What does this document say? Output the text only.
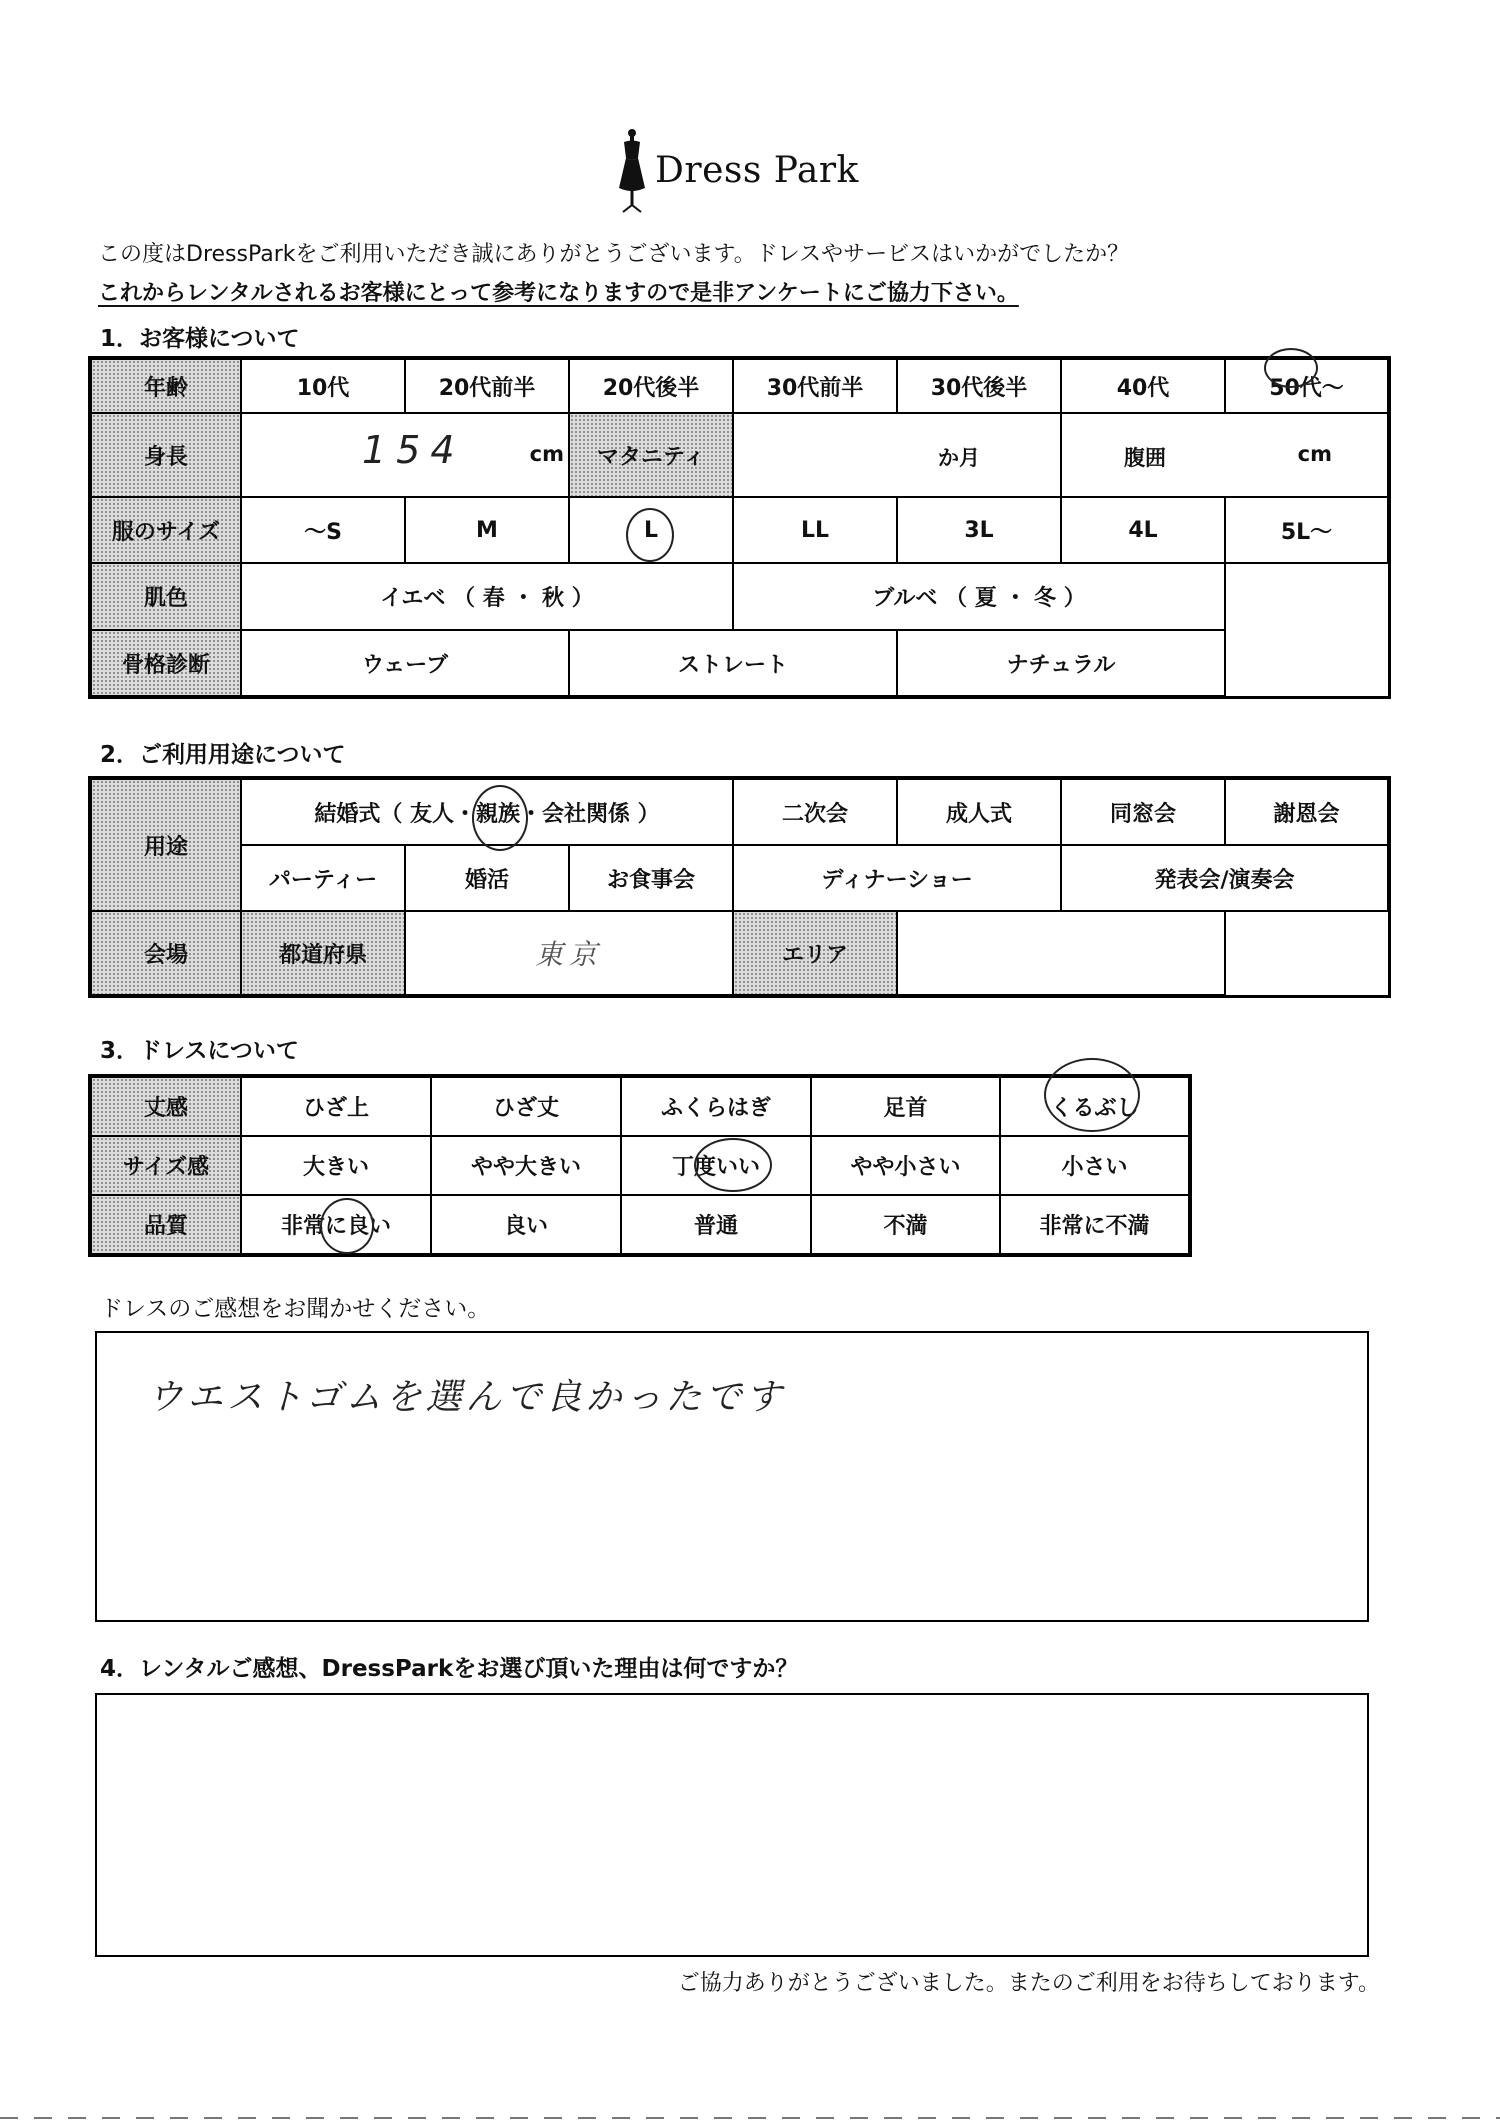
Dress Park
この度はDressParkをご利用いただき誠にありがとうございます。ドレスやサービスはいかがでしたか？
これからレンタルされるお客様にとって参考になりますので是非アンケートにご協力下さい。
1．お客様について
年齢	10代	20代前半	20代後半	30代前半	30代後半	40代	50代〜
身長	154 cm		マタニティ	か月		腹囲 cm	

服のサイズ	〜S	M	L	LL	3L	4L	5L〜
肌色	イエベ （ 春 ・ 秋 ）			ブルベ （ 夏 ・ 冬 ）			
骨格診断	ウェーブ		ストレート		ナチュラル		
2．ご利用用途について
用途	結婚式（ 友人・親族・会社関係 ）			二次会	成人式	同窓会	謝恩会
	パーティー	婚活	お食事会	ディナーショー		発表会/演奏会	
会場	都道府県	東京		エリア			
3．ドレスについて
丈感	ひざ上	ひざ丈	ふくらはぎ	足首	くるぶし
サイズ感	大きい	やや大きい	丁度いい	やや小さい	小さい
品質	非常に良い	良い	普通	不満	非常に不満
ドレスのご感想をお聞かせください。
ウエストゴムを選んで良かったです
4．レンタルご感想、DressParkをお選び頂いた理由は何ですか？
ご協力ありがとうございました。またのご利用をお待ちしております。
